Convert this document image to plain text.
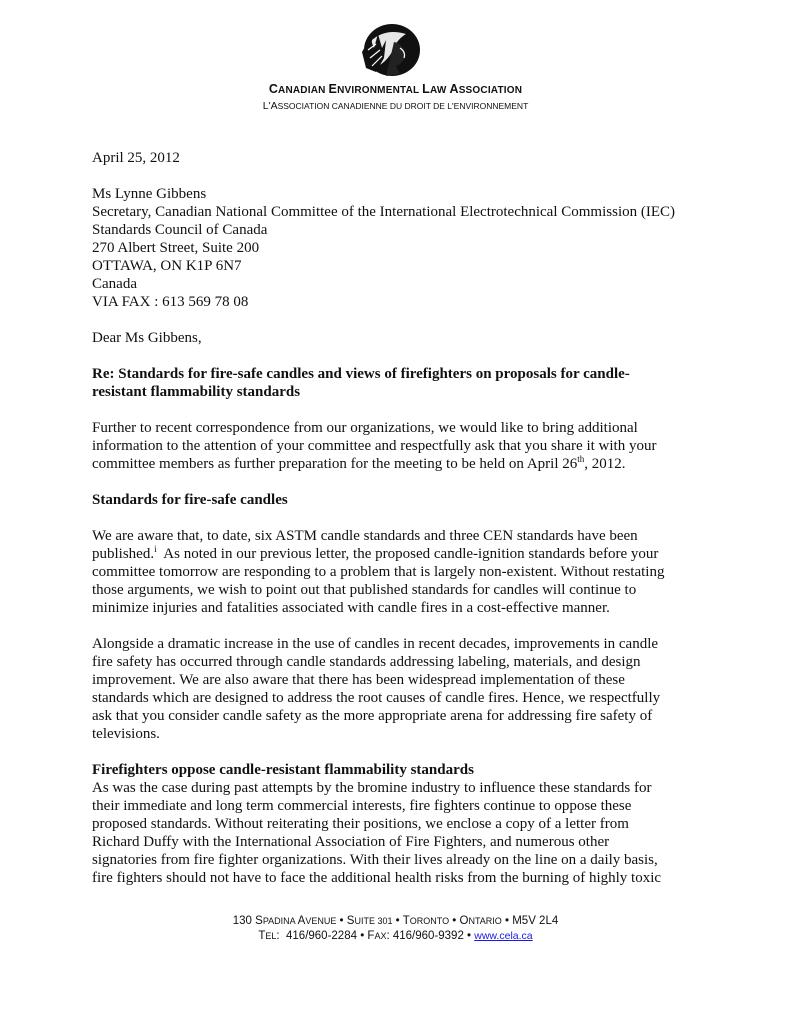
CANADIAN ENVIRONMENTAL LAW ASSOCIATION
L'ASSOCIATION CANADIENNE DU DROIT DE L'ENVIRONNEMENT

April 25, 2012

Ms Lynne Gibbens

Secretary, Canadian National Committee of the International Electrotechnical Commission (IEC)

Standards Council of Canada

270 Albert Street, Suite 200

OTTAWA, ON K1P 6N7

Canada

VIA FAX : 613 569 78 08

Dear Ms Gibbens,

Re: Standards for fire-safe candles and views of firefighters on proposals for candle-

resistant flammability standards

Further to recent correspondence from our organizations, we would like to bring additional

information to the attention of your committee and respectfully ask that you share it with your

committee members as further preparation for the meeting to be held on April 26th, 2012.

Standards for fire-safe candles

We are aware that, to date, six ASTM candle standards and three CEN standards have been

published.$^i$  As noted in our previous letter, the proposed candle-ignition standards before your

committee tomorrow are responding to a problem that is largely non-existent. Without restating

those arguments, we wish to point out that published standards for candles will continue to

minimize injuries and fatalities associated with candle fires in a cost-effective manner.

Alongside a dramatic increase in the use of candles in recent decades, improvements in candle

fire safety has occurred through candle standards addressing labeling, materials, and design

improvement. We are also aware that there has been widespread implementation of these

standards which are designed to address the root causes of candle fires. Hence, we respectfully

ask that you consider candle safety as the more appropriate arena for addressing fire safety of

televisions.

Firefighters oppose candle-resistant flammability standards

As was the case during past attempts by the bromine industry to influence these standards for

their immediate and long term commercial interests, fire fighters continue to oppose these

proposed standards. Without reiterating their positions, we enclose a copy of a letter from

Richard Duffy with the International Association of Fire Fighters, and numerous other

signatories from fire fighter organizations. With their lives already on the line on a daily basis,

fire fighters should not have to face the additional health risks from the burning of highly toxic

130 SPADINA AVENUE • SUITE 301 • TORONTO • ONTARIO • M5V 2L4
TEL:  416/960-2284 • FAX: 416/960-9392 • www.cela.ca
